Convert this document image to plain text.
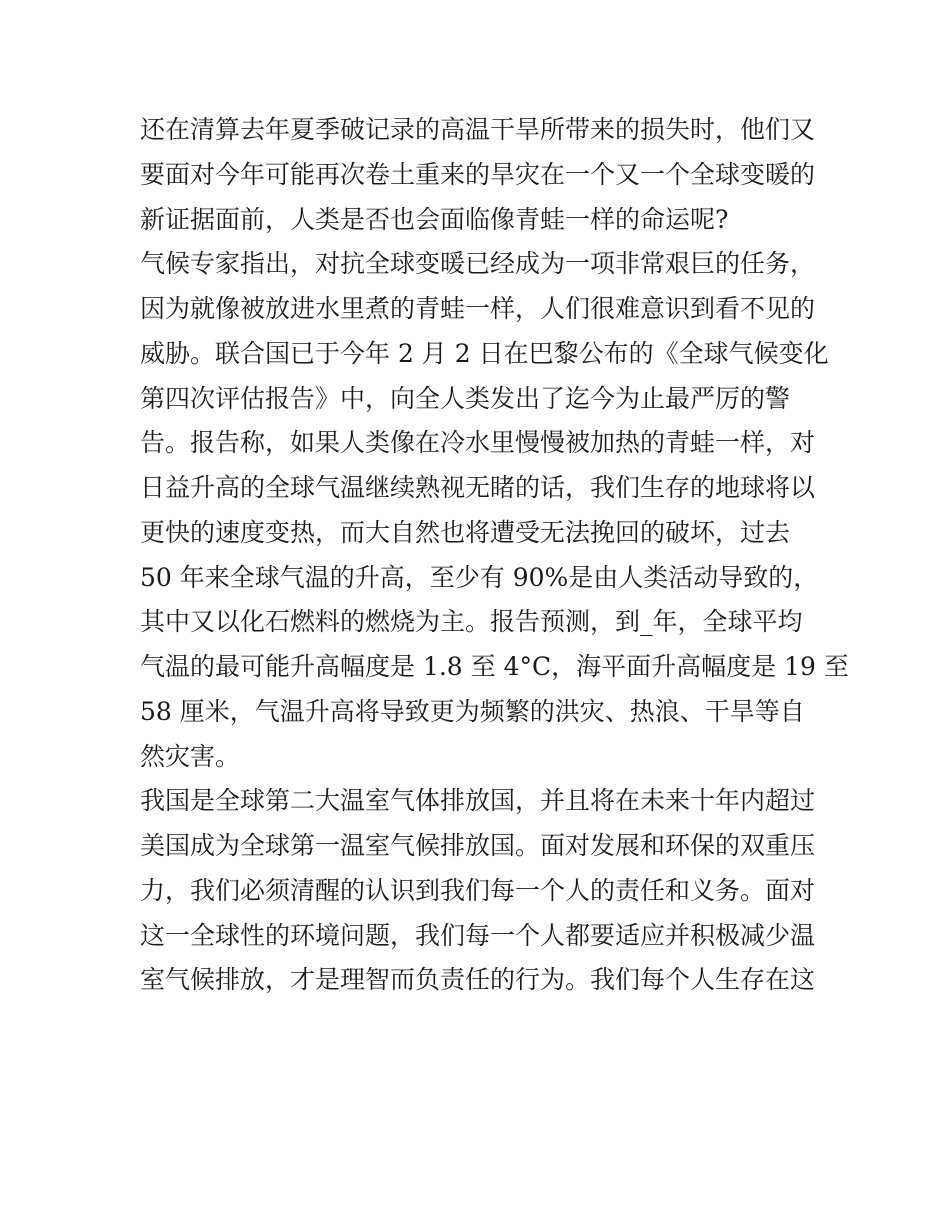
还在清算去年夏季破记录的高温干旱所带来的损失时，他们又
要面对今年可能再次卷土重来的旱灾在一个又一个全球变暖的
新证据面前，人类是否也会面临像青蛙一样的命运呢?
气候专家指出，对抗全球变暖已经成为一项非常艰巨的任务，
因为就像被放进水里煮的青蛙一样，人们很难意识到看不见的
威胁。联合国已于今年 2 月 2 日在巴黎公布的《全球气候变化
第四次评估报告》中，向全人类发出了迄今为止最严厉的警
告。报告称，如果人类像在冷水里慢慢被加热的青蛙一样，对
日益升高的全球气温继续熟视无睹的话，我们生存的地球将以
更快的速度变热，而大自然也将遭受无法挽回的破坏，过去
50 年来全球气温的升高，至少有 90%是由人类活动导致的，
其中又以化石燃料的燃烧为主。报告预测，到_年，全球平均
气温的最可能升高幅度是 1.8 至 4°C，海平面升高幅度是 19 至
58 厘米，气温升高将导致更为频繁的洪灾、热浪、干旱等自
然灾害。
我国是全球第二大温室气体排放国，并且将在未来十年内超过
美国成为全球第一温室气候排放国。面对发展和环保的双重压
力，我们必须清醒的认识到我们每一个人的责任和义务。面对
这一全球性的环境问题，我们每一个人都要适应并积极减少温
室气候排放，才是理智而负责任的行为。我们每个人生存在这
